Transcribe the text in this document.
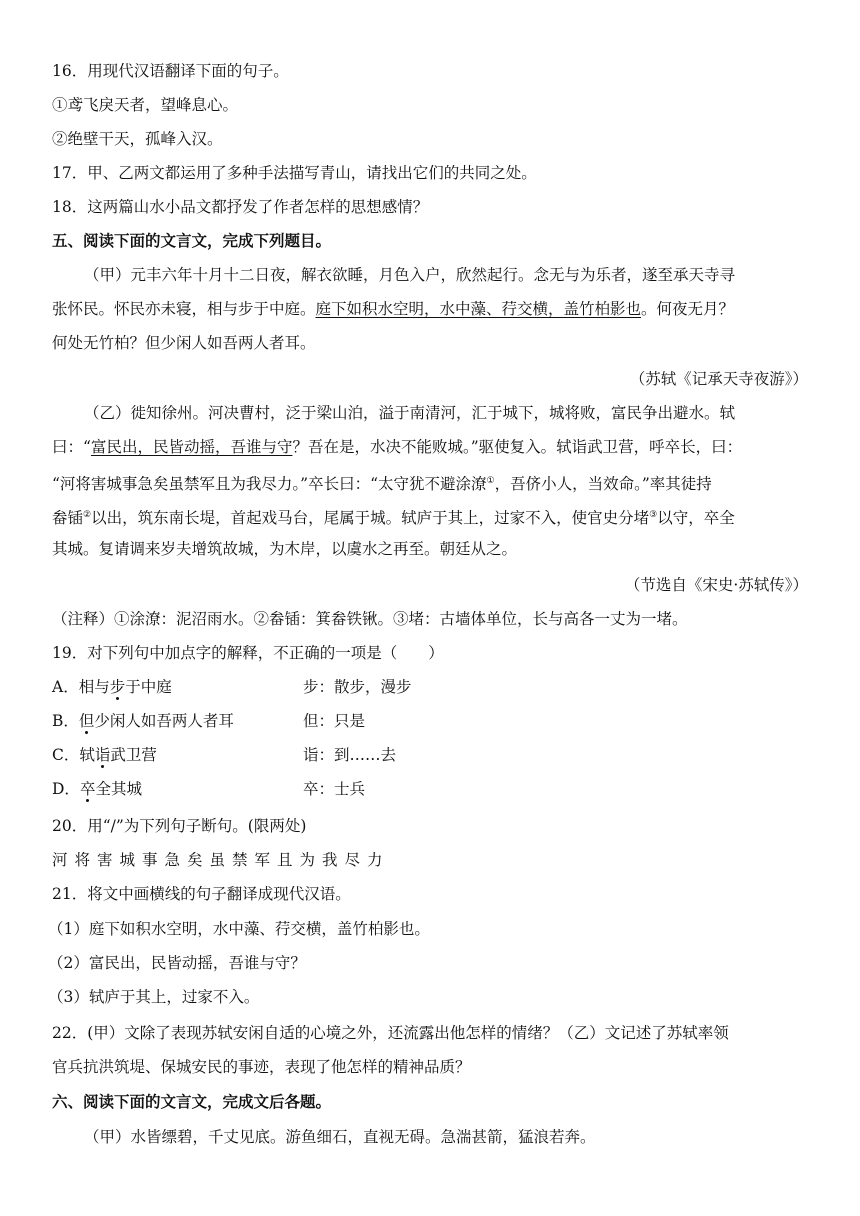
16．用现代汉语翻译下面的句子。
①鸢飞戾天者，望峰息心。
②绝壁干天，孤峰入汉。
17．甲、乙两文都运用了多种手法描写青山，请找出它们的共同之处。
18．这两篇山水小品文都抒发了作者怎样的思想感情？
五、阅读下面的文言文，完成下列题目。
（甲）元丰六年十月十二日夜，解衣欲睡，月色入户，欣然起行。念无与为乐者，遂至承天寺寻
张怀民。怀民亦未寝，相与步于中庭。庭下如积水空明，水中藻、荇交横，盖竹柏影也。何夜无月？
何处无竹柏？但少闲人如吾两人者耳。
（苏轼《记承天寺夜游》）
（乙）徙知徐州。河决曹村，泛于梁山泊，溢于南清河，汇于城下，城将败，富民争出避水。轼
曰：“富民出，民皆动摇，吾谁与守？吾在是，水决不能败城。”驱使复入。轼诣武卫营，呼卒长，曰：
“河将害城事急矣虽禁军且为我尽力。”卒长曰：“太守犹不避涂潦①，吾侪小人，当效命。”率其徒持
畚锸②以出，筑东南长堤，首起戏马台，尾属于城。轼庐于其上，过家不入，使官史分堵③以守，卒全
其城。复请调来岁夫增筑故城，为木岸，以虞水之再至。朝廷从之。
（节选自《宋史·苏轼传》）
（注释）①涂潦：泥沼雨水。②畚锸：箕畚铁锹。③堵：古墙体单位，长与高各一丈为一堵。
19．对下列句中加点字的解释，不正确的一项是（　　）
A．相与步于中庭	步：散步，漫步
B．但少闲人如吾两人者耳	但：只是
C．轼诣武卫营	诣：到……去
D．卒全其城	卒：士兵
20．用“/”为下列句子断句。(限两处)
河将害城事急矣虽禁军且为我尽力
21．将文中画横线的句子翻译成现代汉语。
（1）庭下如积水空明，水中藻、荇交横，盖竹柏影也。
（2）富民出，民皆动摇，吾谁与守？
（3）轼庐于其上，过家不入。
22．(甲）文除了表现苏轼安闲自适的心境之外，还流露出他怎样的情绪？（乙）文记述了苏轼率领
官兵抗洪筑堤、保城安民的事迹，表现了他怎样的精神品质？
六、阅读下面的文言文，完成文后各题。
（甲）水皆缥碧，千丈见底。游鱼细石，直视无碍。急湍甚箭，猛浪若奔。
